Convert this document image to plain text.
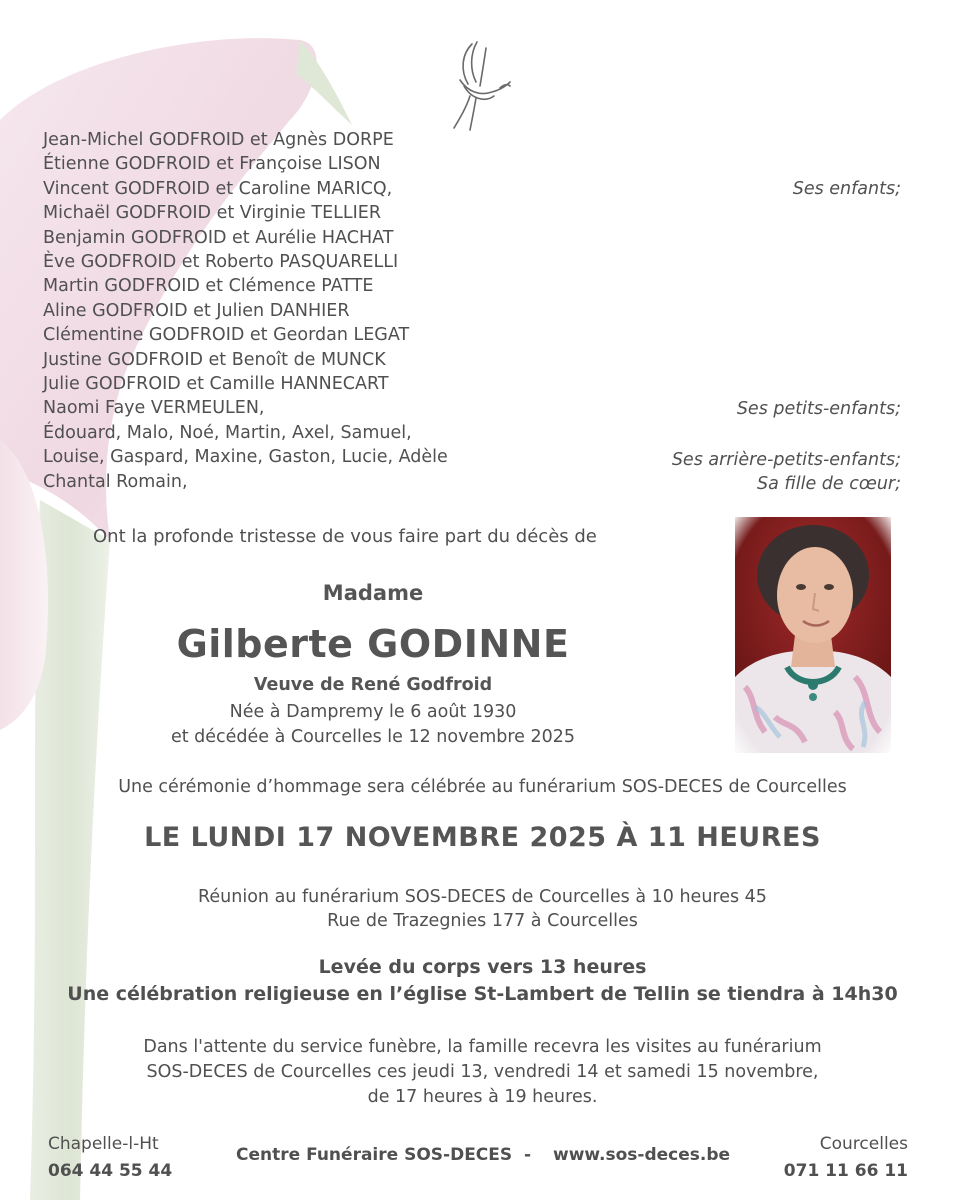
Jean-Michel GODFROID et Agnès DORPE
Étienne GODFROID et Françoise LISON
Vincent GODFROID et Caroline MARICQ,
Michaël GODFROID et Virginie TELLIER
Benjamin GODFROID et Aurélie HACHAT
Ève GODFROID et Roberto PASQUARELLI
Martin GODFROID et Clémence PATTE
Aline GODFROID et Julien DANHIER
Clémentine GODFROID et Geordan LEGAT
Justine GODFROID et Benoît de MUNCK
Julie GODFROID et Camille HANNECART
Naomi Faye VERMEULEN,
Édouard, Malo, Noé, Martin, Axel, Samuel,
Louise, Gaspard, Maxine, Gaston, Lucie, Adèle
Chantal Romain,
Ses enfants;
Ses petits-enfants;
Ses arrière-petits-enfants;
Sa fille de cœur;
Ont la profonde tristesse de vous faire part du décès de
Madame
Gilberte GODINNE
Veuve de René Godfroid
Née à Dampremy le 6 août 1930
et décédée à Courcelles le 12 novembre 2025
Une cérémonie d’hommage sera célébrée au funérarium SOS-DECES de Courcelles
LE LUNDI 17 NOVEMBRE 2025 À 11 HEURES
Réunion au funérarium SOS-DECES de Courcelles à 10 heures 45
Rue de Trazegnies 177 à Courcelles
Levée du corps vers 13 heures
Une célébration religieuse en l’église St-Lambert de Tellin se tiendra à 14h30
Dans l'attente du service funèbre, la famille recevra les visites au funérarium
SOS-DECES de Courcelles ces jeudi 13, vendredi 14 et samedi 15 novembre,
de 17 heures à 19 heures.
Chapelle-l-Ht
064 44 55 44
Centre Funéraire SOS-DECES - www.sos-deces.be
Courcelles
071 11 66 11
